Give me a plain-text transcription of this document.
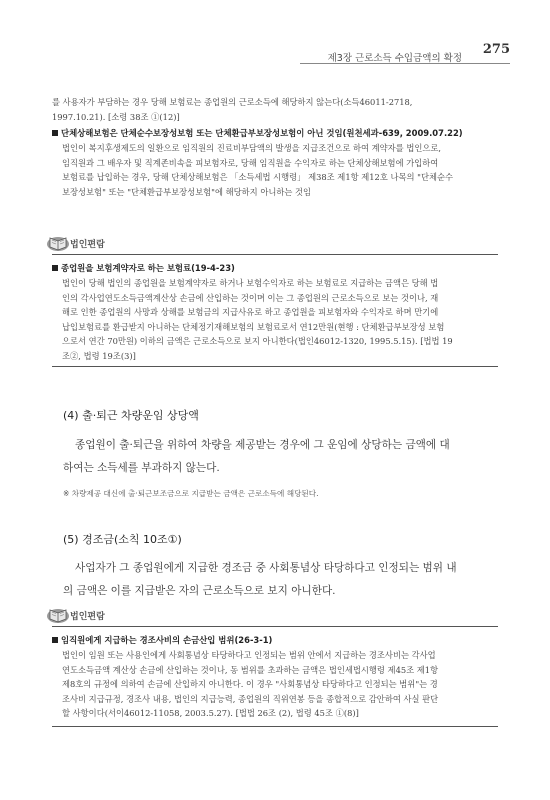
제3장 근로소득 수입금액의 확정
275

를 사용자가 부담하는 경우 당해 보험료는 종업원의 근로소득에 해당하지 않는다(소득46011-2718,

1997.10.21). [소령 38조 ①(12)]

단체상해보험은 단체순수보장성보험 또는 단체환급부보장성보험이 아닌 것임(원천세과-639, 2009.07.22)

법인이 복지후생제도의 일환으로 임직원의 진료비부담액의 발생을 지급조건으로 하여 계약자를 법인으로,

임직원과 그 배우자 및 직계존비속을 피보험자로, 당해 임직원을 수익자로 하는 단체상해보험에 가입하여

보험료를 납입하는 경우, 당해 단체상해보험은 「소득세법 시행령」 제38조 제1항 제12호 나목의 "단체순수

보장성보험" 또는 "단체환급부보장성보험"에 해당하지 아니하는 것임

법인편람
종업원을 보험계약자로 하는 보험료(19-4-23)

법인이 당해 법인의 종업원을 보험계약자로 하거나 보험수익자로 하는 보험료로 지급하는 금액은 당해 법

인의 각사업연도소득금액계산상 손금에 산입하는 것이며 이는 그 종업원의 근로소득으로 보는 것이나, 재

해로 인한 종업원의 사망과 상해를 보험금의 지급사유로 하고 종업원을 피보험자와 수익자로 하며 만기에

납입보험료를 환급받지 아니하는 단체정기재해보험의 보험료로서 연12만원(현행 : 단체환급부보장성 보험

으로서 연간 70만원) 이하의 금액은 근로소득으로 보지 아니한다(법인46012-1320, 1995.5.15). [법법 19

조②, 법령 19조(3)]

(4) 출·퇴근 차량운임 상당액
종업원이 출·퇴근을 위하여 차량을 제공받는 경우에 그 운임에 상당하는 금액에 대
하여는 소득세를 부과하지 않는다.
※ 차량제공 대신에 출·퇴근보조금으로 지급받는 금액은 근로소득에 해당된다.
(5) 경조금(소칙 10조①)
사업자가 그 종업원에게 지급한 경조금 중 사회통념상 타당하다고 인정되는 범위 내
의 금액은 이를 지급받은 자의 근로소득으로 보지 아니한다.
법인편람
임직원에게 지급하는 경조사비의 손금산입 범위(26-3-1)

법인이 임원 또는 사용인에게 사회통념상 타당하다고 인정되는 범위 안에서 지급하는 경조사비는 각사업

연도소득금액 계산상 손금에 산입하는 것이나, 동 범위를 초과하는 금액은 법인세법시행령 제45조 제1항

제8호의 규정에 의하여 손금에 산입하지 아니한다. 이 경우 "사회통념상 타당하다고 인정되는 범위"는 경

조사비 지급규정, 경조사 내용, 법인의 지급능력, 종업원의 직위연봉 등을 종합적으로 감안하여 사실 판단

할 사항이다(서이46012-11058, 2003.5.27). [법법 26조 (2), 법령 45조 ①(8)]
